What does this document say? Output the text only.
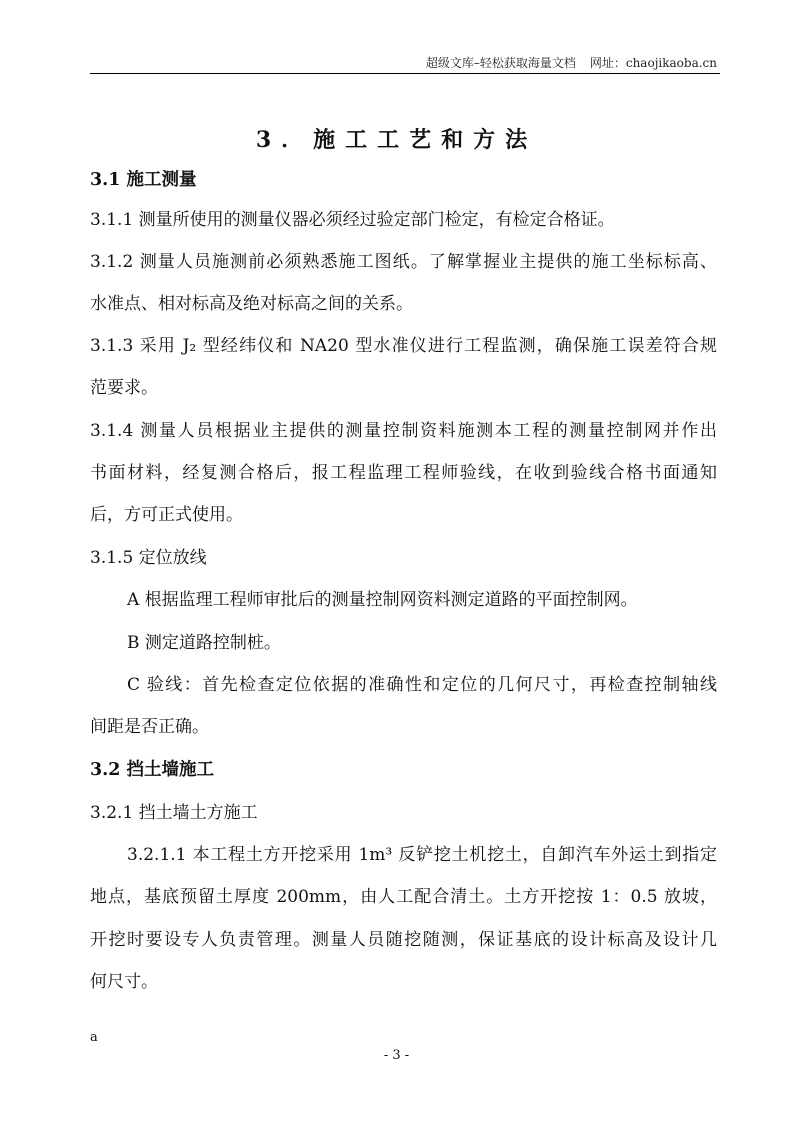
超级文库–轻松获取海量文档 网址：chaojikaoba.cn
3．施工工艺和方法
3.1 施工测量
3.1.1 测量所使用的测量仪器必须经过验定部门检定，有检定合格证。
3.1.2 测量人员施测前必须熟悉施工图纸。了解掌握业主提供的施工坐标标高、
水准点、相对标高及绝对标高之间的关系。
3.1.3 采用 J₂ 型经纬仪和 NA20 型水准仪进行工程监测，确保施工误差符合规
范要求。
3.1.4 测量人员根据业主提供的测量控制资料施测本工程的测量控制网并作出
书面材料，经复测合格后，报工程监理工程师验线，在收到验线合格书面通知
后，方可正式使用。
3.1.5 定位放线
A 根据监理工程师审批后的测量控制网资料测定道路的平面控制网。
B 测定道路控制桩。
C 验线：首先检查定位依据的准确性和定位的几何尺寸，再检查控制轴线
间距是否正确。
3.2 挡土墙施工
3.2.1 挡土墙土方施工
3.2.1.1 本工程土方开挖采用 1m³ 反铲挖土机挖土，自卸汽车外运土到指定
地点，基底预留土厚度 200mm，由人工配合清土。土方开挖按 1：0.5 放坡，
开挖时要设专人负责管理。测量人员随挖随测，保证基底的设计标高及设计几
何尺寸。
a
- 3 -
